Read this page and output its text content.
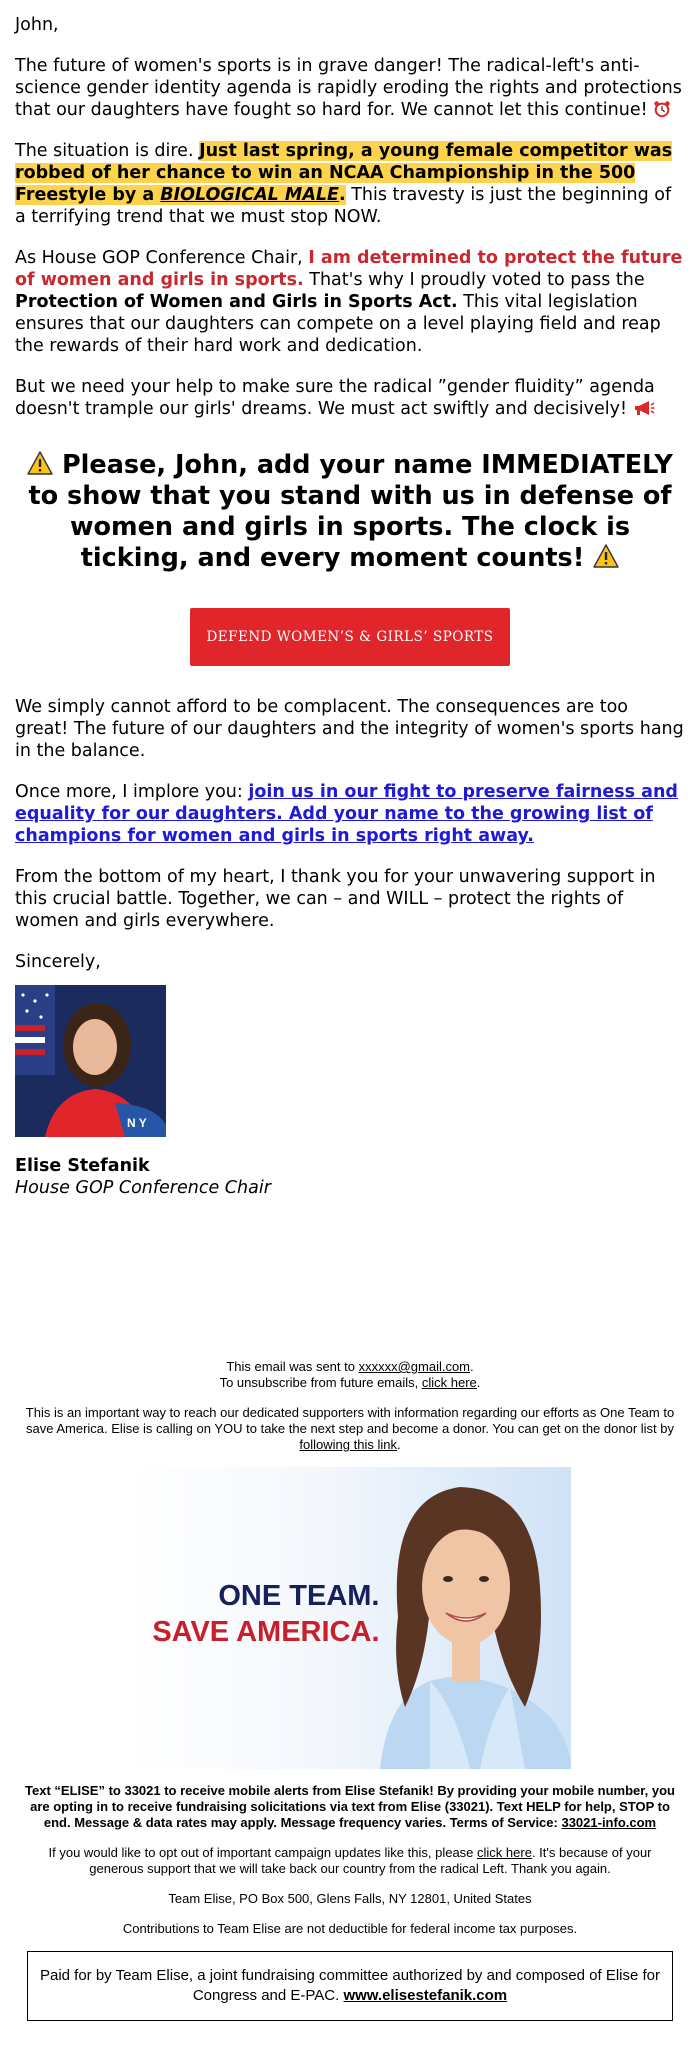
John,

The future of women's sports is in grave danger! The radical-left's anti-science gender identity agenda is rapidly eroding the rights and protections that our daughters have fought so hard for. We cannot let this continue!

The situation is dire. Just last spring, a young female competitor was robbed of her chance to win an NCAA Championship in the 500 Freestyle by a BIOLOGICAL MALE. This travesty is just the beginning of a terrifying trend that we must stop NOW.

As House GOP Conference Chair, I am determined to protect the future of women and girls in sports. That's why I proudly voted to pass the Protection of Women and Girls in Sports Act. This vital legislation ensures that our daughters can compete on a level playing field and reap the rewards of their hard work and dedication.

But we need your help to make sure the radical ”gender fluidity” agenda doesn't trample our girls' dreams. We must act swiftly and decisively!

Please, John, add your name IMMEDIATELY to show that you stand with us in defense of women and girls in sports. The clock is ticking, and every moment counts!
DEFEND WOMEN’S & GIRLS’ SPORTS

We simply cannot afford to be complacent. The consequences are too great! The future of our daughters and the integrity of women's sports hang in the balance.

Once more, I implore you: join us in our fight to preserve fairness and equality for our daughters. Add your name to the growing list of champions for women and girls in sports right away.

From the bottom of my heart, I thank you for your unwavering support in this crucial battle. Together, we can – and WILL – protect the rights of women and girls everywhere.

Sincerely,

N Y
Elise Stefanik
House GOP Conference Chair
This email was sent to xxxxxx@gmail.com.
To unsubscribe from future emails, click here.
This is an important way to reach our dedicated supporters with information regarding our efforts as One Team to save America. Elise is calling on YOU to take the next step and become a donor. You can get on the donor list by following this link.
ONE TEAM.
SAVE AMERICA.
Text “ELISE” to 33021 to receive mobile alerts from Elise Stefanik! By providing your mobile number, you are opting in to receive fundraising solicitations via text from Elise (33021). Text HELP for help, STOP to end. Message & data rates may apply. Message frequency varies. Terms of Service: 33021-info.com
If you would like to opt out of important campaign updates like this, please click here. It's because of your generous support that we will take back our country from the radical Left. Thank you again.
Team Elise, PO Box 500, Glens Falls, NY 12801, United States
Contributions to Team Elise are not deductible for federal income tax purposes.
Paid for by Team Elise, a joint fundraising committee authorized by and composed of Elise for Congress and E-PAC. www.elisestefanik.com
